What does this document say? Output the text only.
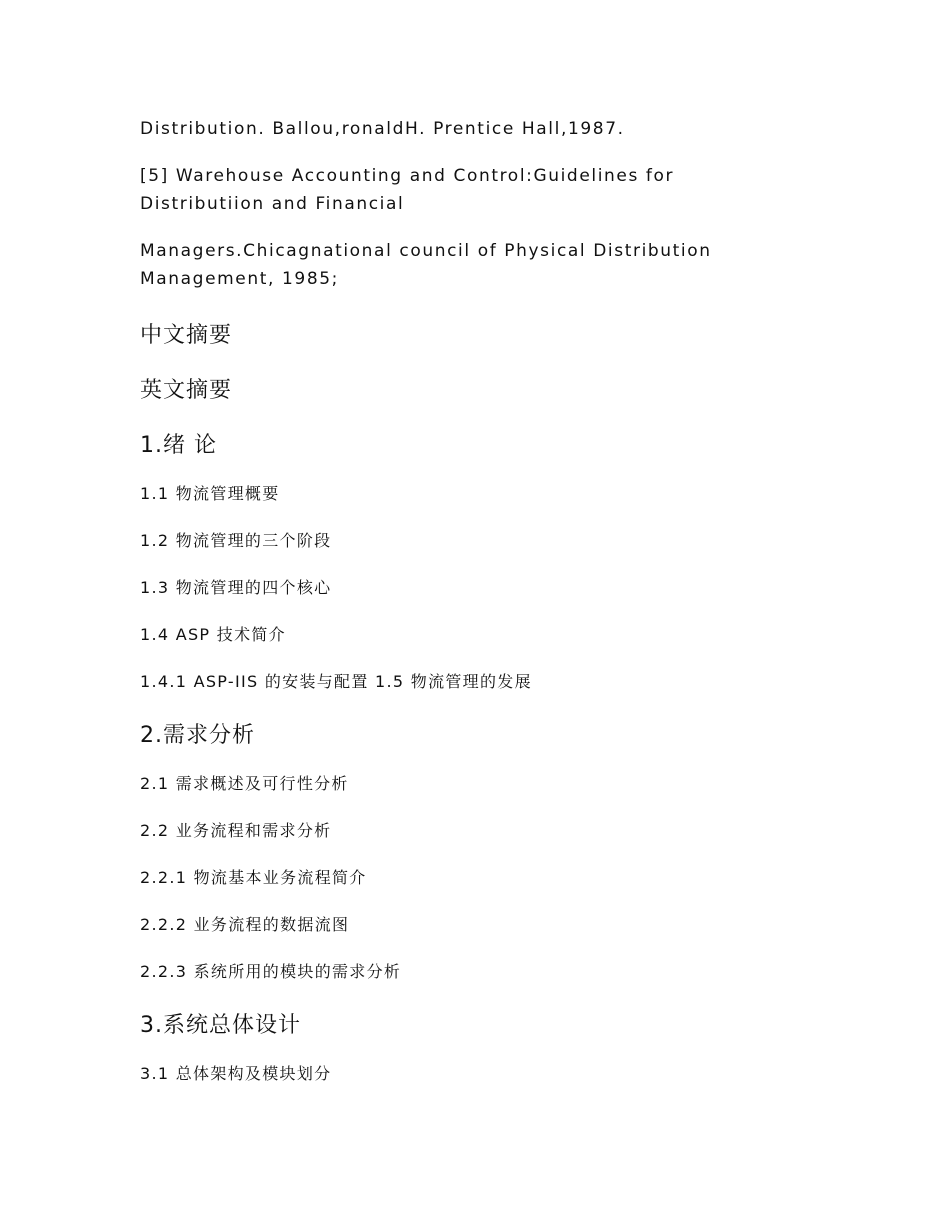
Distribution. Ballou,ronaldH. Prentice Hall,1987.

[5] Warehouse Accounting and Control:Guidelines for Distributiion and Financial

Managers.Chicagnational council of Physical Distribution Management, 1985;

中文摘要

英文摘要

1.绪 论

1.1 物流管理概要

1.2 物流管理的三个阶段

1.3 物流管理的四个核心

1.4 ASP 技术简介

1.4.1 ASP-IIS 的安装与配置 1.5 物流管理的发展

2.需求分析

2.1 需求概述及可行性分析

2.2 业务流程和需求分析

2.2.1 物流基本业务流程简介

2.2.2 业务流程的数据流图

2.2.3 系统所用的模块的需求分析

3.系统总体设计

3.1 总体架构及模块划分
